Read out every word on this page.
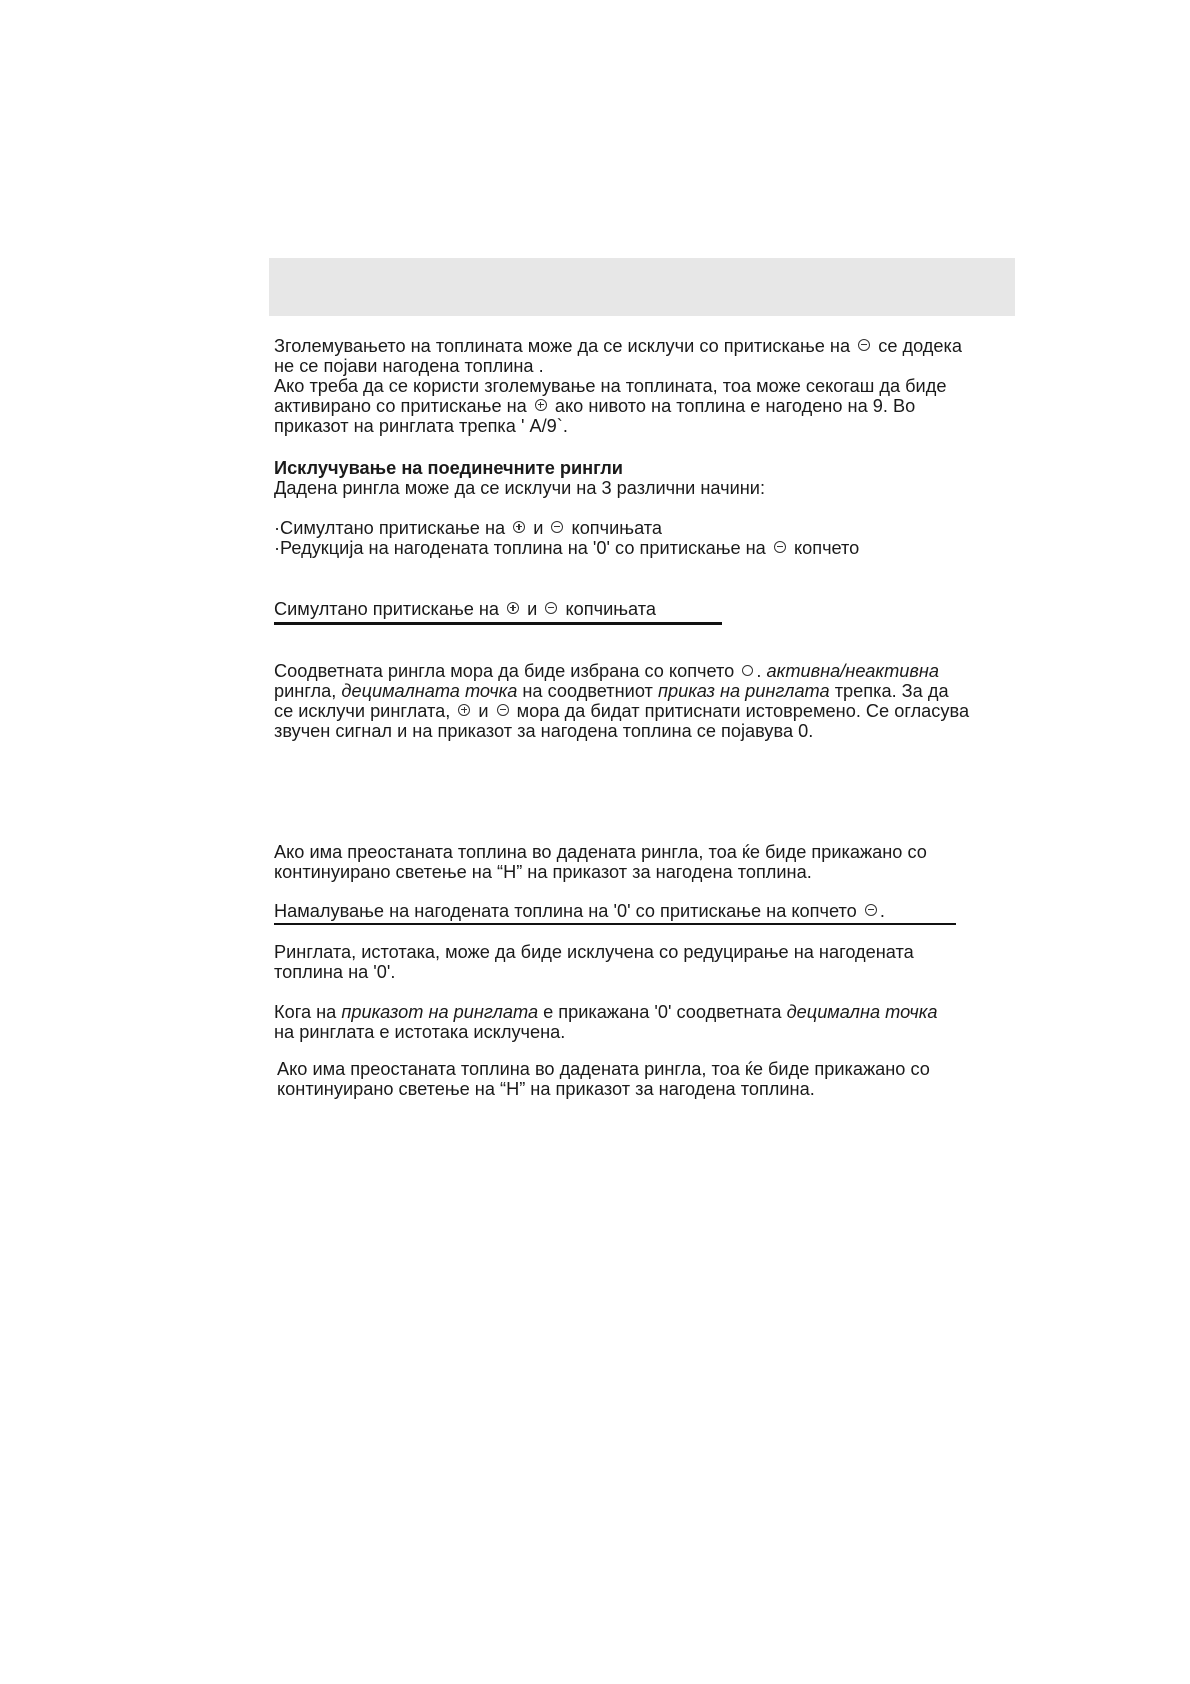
Зголемувањето на топлината може да се исклучи со притискање на се додека

не се појави нагодена топлина .

Ако треба да се користи зголемување на топлината, тоа може секогаш да биде

активирано со притискање на ако нивото на топлина е нагодено на 9. Во

приказот на ринглата трепка ' A/9`.

Исклучување на поединечните рингли

Дадена рингла може да се исклучи на 3 различни начини:

·Симултано притискање на и копчињата

·Редукција на нагодената топлина на '0' со притискање на копчето

Симултано притискање на и копчињата

Соодветната рингла мора да биде избрана со копчето . активна/неактивна

рингла, децималната точка на соодветниот приказ на ринглата трепка. За да

се исклучи ринглата, и мора да бидат притиснати истовремено. Се огласува

звучен сигнал и на приказот за нагодена топлина се појавува 0.

Ако има преостаната топлина во дадената рингла, тоа ќе биде прикажано со

континуирано светење на “H” на приказот за нагодена топлина.

Намалување на нагодената топлина на '0' со притискање на копчето .

Ринглата, истотака, може да биде исклучена со редуцирање на нагодената

топлина на '0'.

Кога на приказот на ринглата е прикажана '0' соодветната децимална точка

на ринглата е истотака исклучена.

Ако има преостаната топлина во дадената рингла, тоа ќе биде прикажано со

континуирано светење на “H” на приказот за нагодена топлина.
